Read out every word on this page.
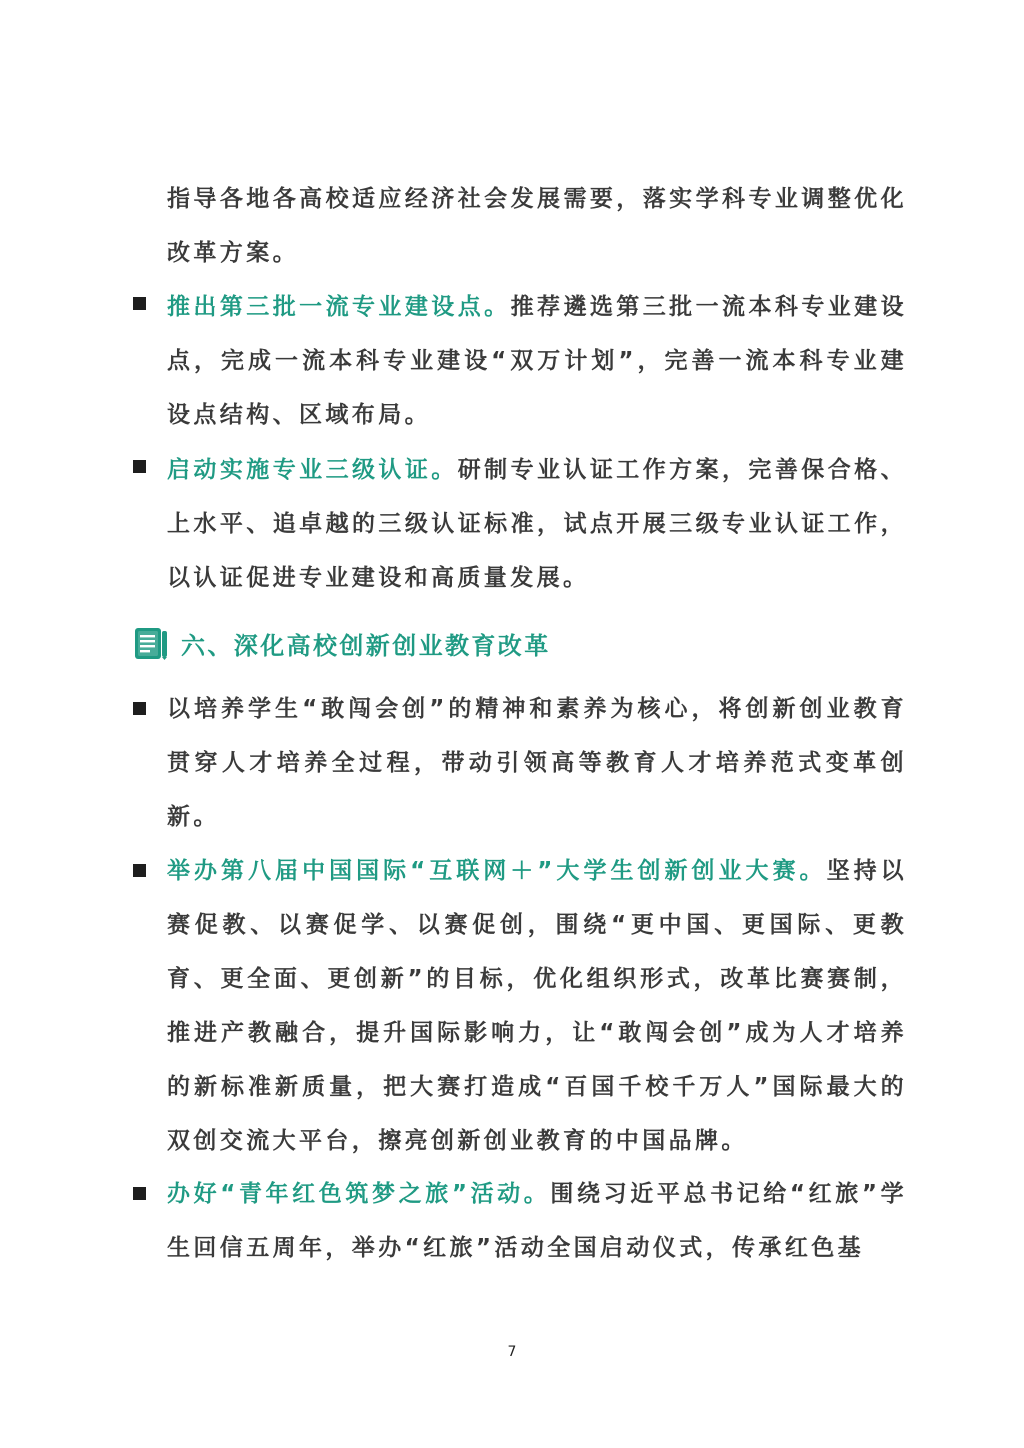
指导各地各高校适应经济社会发展需要，落实学科专业调整优化改革方案。
推出第三批一流专业建设点。推荐遴选第三批一流本科专业建设点，完成一流本科专业建设“双万计划”，完善一流本科专业建设点结构、区域布局。
启动实施专业三级认证。研制专业认证工作方案，完善保合格、上水平、追卓越的三级认证标准，试点开展三级专业认证工作，以认证促进专业建设和高质量发展。
六、深化高校创新创业教育改革
以培养学生“敢闯会创”的精神和素养为核心，将创新创业教育贯穿人才培养全过程，带动引领高等教育人才培养范式变革创新。
举办第八届中国国际“互联网＋”大学生创新创业大赛。坚持以赛促教、以赛促学、以赛促创，围绕“更中国、更国际、更教育、更全面、更创新”的目标，优化组织形式，改革比赛赛制，推进产教融合，提升国际影响力，让“敢闯会创”成为人才培养的新标准新质量，把大赛打造成“百国千校千万人”国际最大的双创交流大平台，擦亮创新创业教育的中国品牌。
办好“青年红色筑梦之旅”活动。围绕习近平总书记给“红旅”学生回信五周年，举办“红旅”活动全国启动仪式，传承红色基
7
